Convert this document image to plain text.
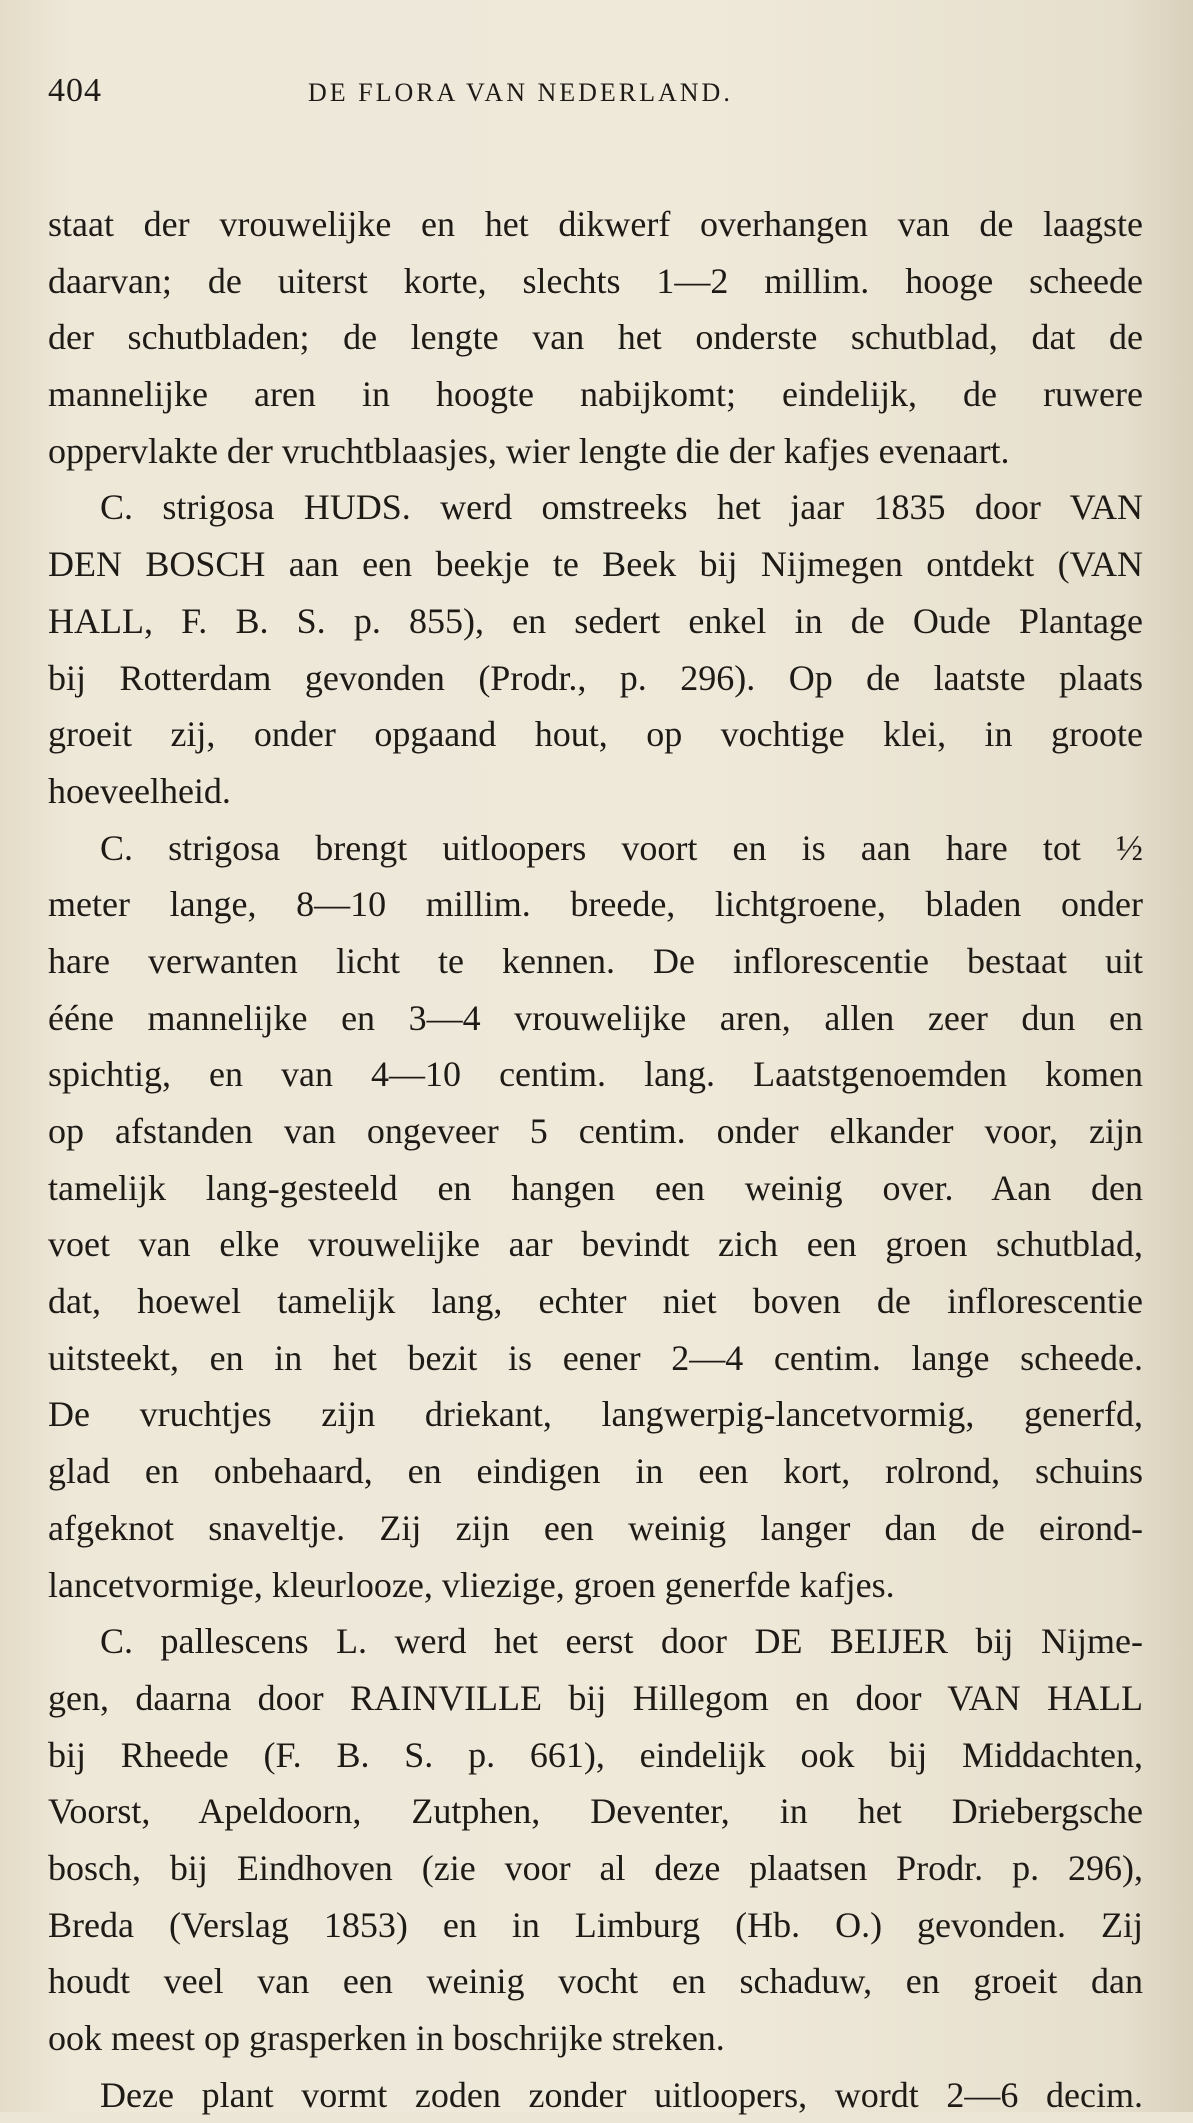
404	DE FLORA VAN NEDERLAND.
staat der vrouwelijke en het dikwerf overhangen van de laagste
daarvan; de uiterst korte, slechts 1—2 millim. hooge scheede
der schutbladen; de lengte van het onderste schutblad, dat de
mannelijke aren in hoogte nabijkomt; eindelijk, de ruwere
oppervlakte der vruchtblaasjes, wier lengte die der kafjes evenaart.
C. strigosa HUDS. werd omstreeks het jaar 1835 door VAN
DEN BOSCH aan een beekje te Beek bij Nijmegen ontdekt (VAN
HALL, F. B. S. p. 855), en sedert enkel in de Oude Plantage
bij Rotterdam gevonden (Prodr., p. 296). Op de laatste plaats
groeit zij, onder opgaand hout, op vochtige klei, in groote
hoeveelheid.
C. strigosa brengt uitloopers voort en is aan hare tot ½
meter lange, 8—10 millim. breede, lichtgroene, bladen onder
hare verwanten licht te kennen. De inflorescentie bestaat uit
ééne mannelijke en 3—4 vrouwelijke aren, allen zeer dun en
spichtig, en van 4—10 centim. lang. Laatstgenoemden komen
op afstanden van ongeveer 5 centim. onder elkander voor, zijn
tamelijk lang-gesteeld en hangen een weinig over. Aan den
voet van elke vrouwelijke aar bevindt zich een groen schutblad,
dat, hoewel tamelijk lang, echter niet boven de inflorescentie
uitsteekt, en in het bezit is eener 2—4 centim. lange scheede.
De vruchtjes zijn driekant, langwerpig-lancetvormig, generfd,
glad en onbehaard, en eindigen in een kort, rolrond, schuins
afgeknot snaveltje. Zij zijn een weinig langer dan de eirond-
lancetvormige, kleurlooze, vliezige, groen generfde kafjes.
C. pallescens L. werd het eerst door DE BEIJER bij Nijme-
gen, daarna door RAINVILLE bij Hillegom en door VAN HALL
bij Rheede (F. B. S. p. 661), eindelijk ook bij Middachten,
Voorst, Apeldoorn, Zutphen, Deventer, in het Driebergsche
bosch, bij Eindhoven (zie voor al deze plaatsen Prodr. p. 296),
Breda (Verslag 1853) en in Limburg (Hb. O.) gevonden. Zij
houdt veel van een weinig vocht en schaduw, en groeit dan
ook meest op grasperken in boschrijke streken.
Deze plant vormt zoden zonder uitloopers, wordt 2—6 decim.
